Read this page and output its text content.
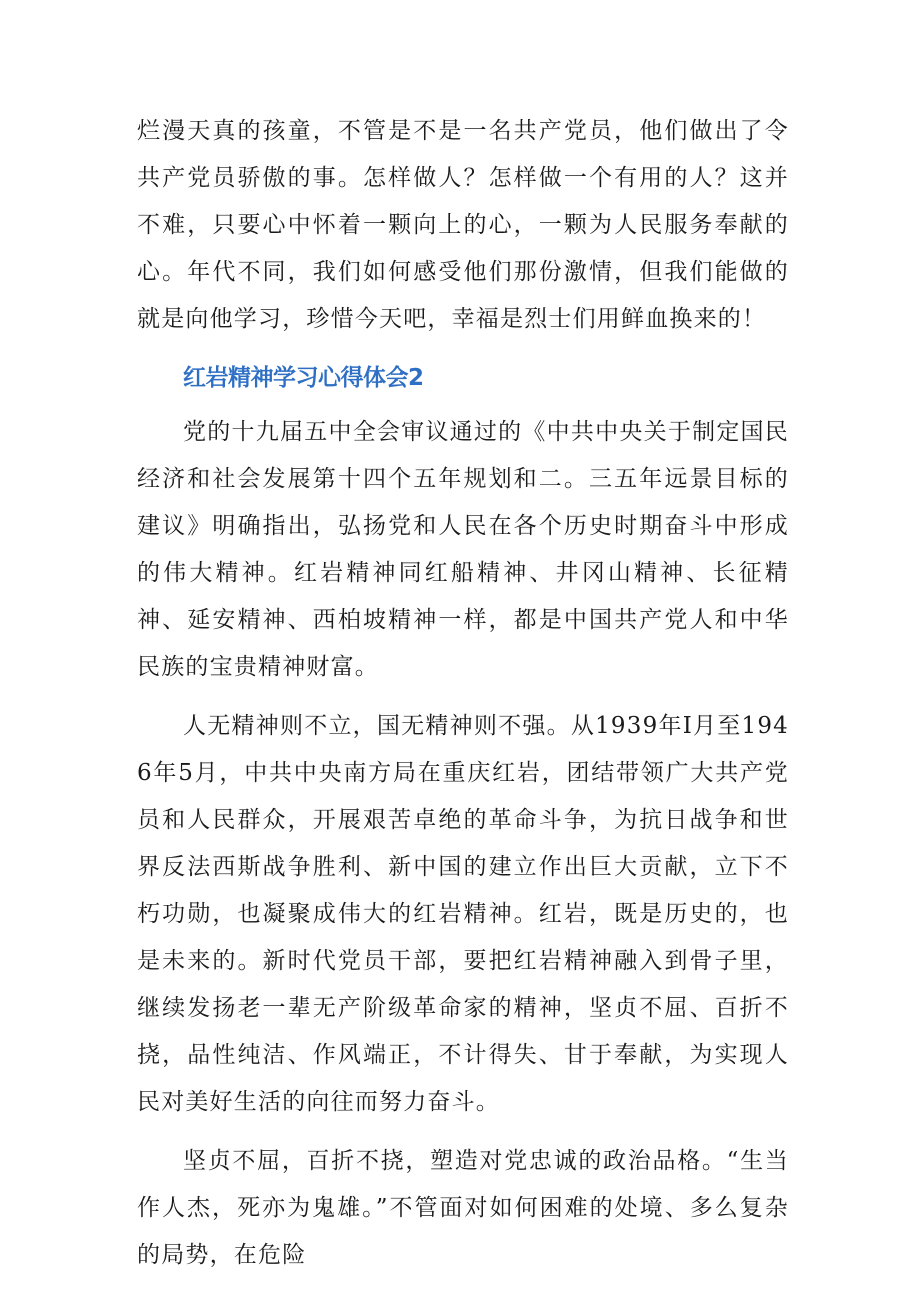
烂漫天真的孩童，不管是不是一名共产党员，他们做出了令共产党员骄傲的事。怎样做人？怎样做一个有用的人？这并不难，只要心中怀着一颗向上的心，一颗为人民服务奉献的心。年代不同，我们如何感受他们那份激情，但我们能做的就是向他学习，珍惜今天吧，幸福是烈士们用鲜血换来的！

红岩精神学习心得体会2

党的十九届五中全会审议通过的《中共中央关于制定国民经济和社会发展第十四个五年规划和二。三五年远景目标的建议》明确指出，弘扬党和人民在各个历史时期奋斗中形成的伟大精神。红岩精神同红船精神、井冈山精神、长征精神、延安精神、西柏坡精神一样，都是中国共产党人和中华民族的宝贵精神财富。

人无精神则不立，国无精神则不强。从1939年I月至1946年5月，中共中央南方局在重庆红岩，团结带领广大共产党员和人民群众，开展艰苦卓绝的革命斗争，为抗日战争和世界反法西斯战争胜利、新中国的建立作出巨大贡献，立下不朽功勋，也凝聚成伟大的红岩精神。红岩，既是历史的，也是未来的。新时代党员干部，要把红岩精神融入到骨子里，继续发扬老一辈无产阶级革命家的精神，坚贞不屈、百折不挠，品性纯洁、作风端正，不计得失、甘于奉献，为实现人民对美好生活的向往而努力奋斗。

坚贞不屈，百折不挠，塑造对党忠诚的政治品格。“生当作人杰，死亦为鬼雄。”不管面对如何困难的处境、多么复杂的局势，在危险
